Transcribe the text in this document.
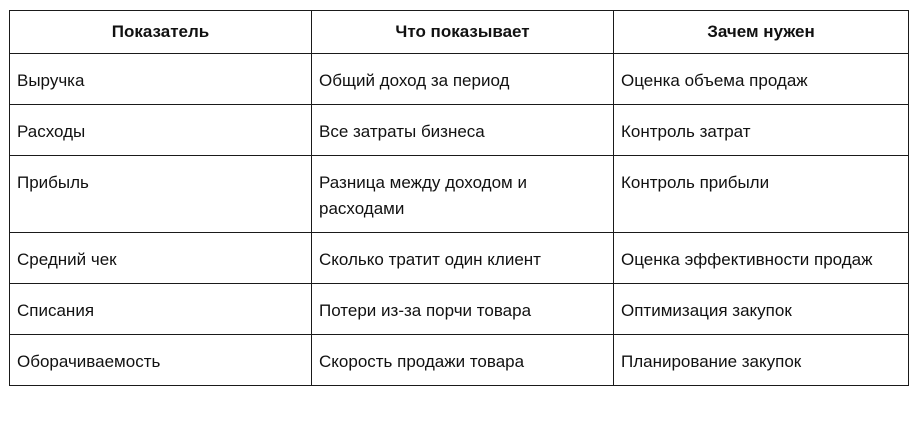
Показатель	Что показывает	Зачем нужен
Выручка	Общий доход за период	Оценка объема продаж
Расходы	Все затраты бизнеса	Контроль затрат
Прибыль	Разница между доходом и расходами	Контроль прибыли
Средний чек	Сколько тратит один клиент	Оценка эффективности продаж
Списания	Потери из-за порчи товара	Оптимизация закупок
Оборачиваемость	Скорость продажи товара	Планирование закупок
